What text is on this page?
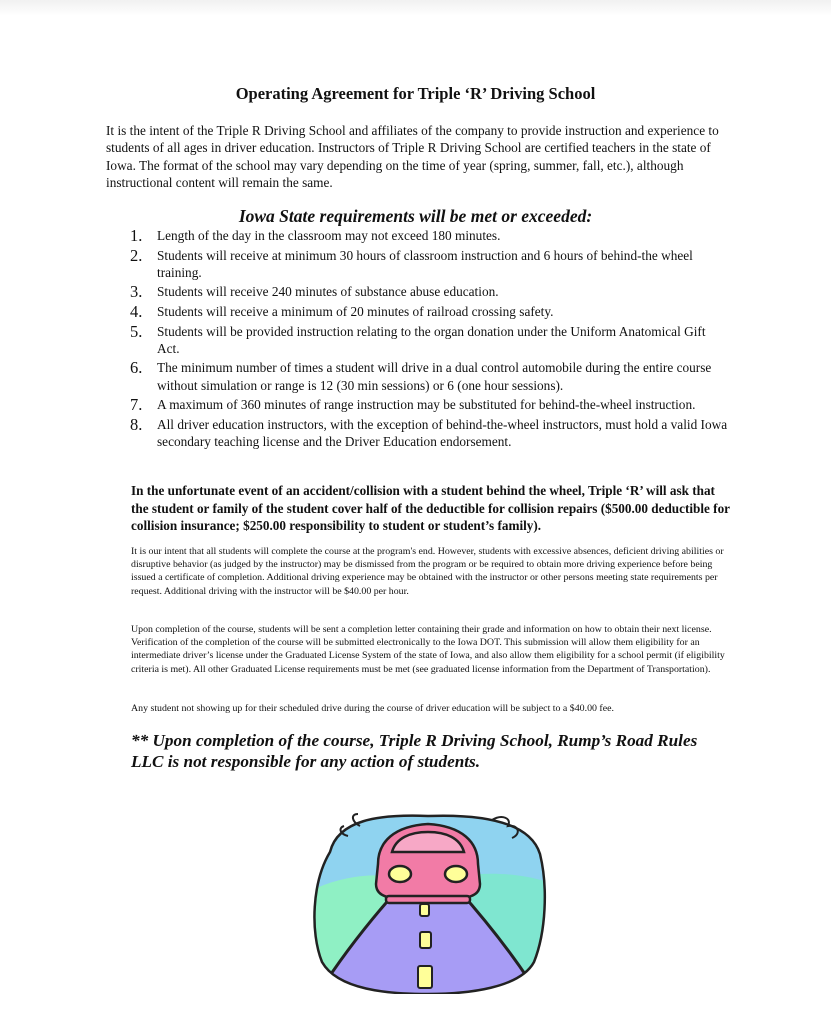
Operating Agreement for Triple ‘R’ Driving School
It is the intent of the Triple R Driving School and affiliates of the company to provide instruction and experience to students of all ages in driver education. Instructors of Triple R Driving School are certified teachers in the state of Iowa. The format of the school may vary depending on the time of year (spring, summer, fall, etc.), although instructional content will remain the same.
Iowa State requirements will be met or exceeded:
1. Length of the day in the classroom may not exceed 180 minutes.
2. Students will receive at minimum 30 hours of classroom instruction and 6 hours of behind-the wheel training.
3. Students will receive 240 minutes of substance abuse education.
4. Students will receive a minimum of 20 minutes of railroad crossing safety.
5. Students will be provided instruction relating to the organ donation under the Uniform Anatomical Gift Act.
6. The minimum number of times a student will drive in a dual control automobile during the entire course without simulation or range is 12 (30 min sessions) or 6 (one hour sessions).
7. A maximum of 360 minutes of range instruction may be substituted for behind-the-wheel instruction.
8. All driver education instructors, with the exception of behind-the-wheel instructors, must hold a valid Iowa secondary teaching license and the Driver Education endorsement.
In the unfortunate event of an accident/collision with a student behind the wheel, Triple ‘R’ will ask that the student or family of the student cover half of the deductible for collision repairs ($500.00 deductible for collision insurance; $250.00 responsibility to student or student’s family).
It is our intent that all students will complete the course at the program's end. However, students with excessive absences, deficient driving abilities or disruptive behavior (as judged by the instructor) may be dismissed from the program or be required to obtain more driving experience before being issued a certificate of completion. Additional driving experience may be obtained with the instructor or other persons meeting state requirements per request. Additional driving with the instructor will be $40.00 per hour.
Upon completion of the course, students will be sent a completion letter containing their grade and information on how to obtain their next license. Verification of the completion of the course will be submitted electronically to the Iowa DOT. This submission will allow them eligibility for an intermediate driver’s license under the Graduated License System of the state of Iowa, and also allow them eligibility for a school permit (if eligibility criteria is met). All other Graduated License requirements must be met (see graduated license information from the Department of Transportation).
Any student not showing up for their scheduled drive during the course of driver education will be subject to a $40.00 fee.
** Upon completion of the course, Triple R Driving School, Rump’s Road Rules LLC is not responsible for any action of students.
